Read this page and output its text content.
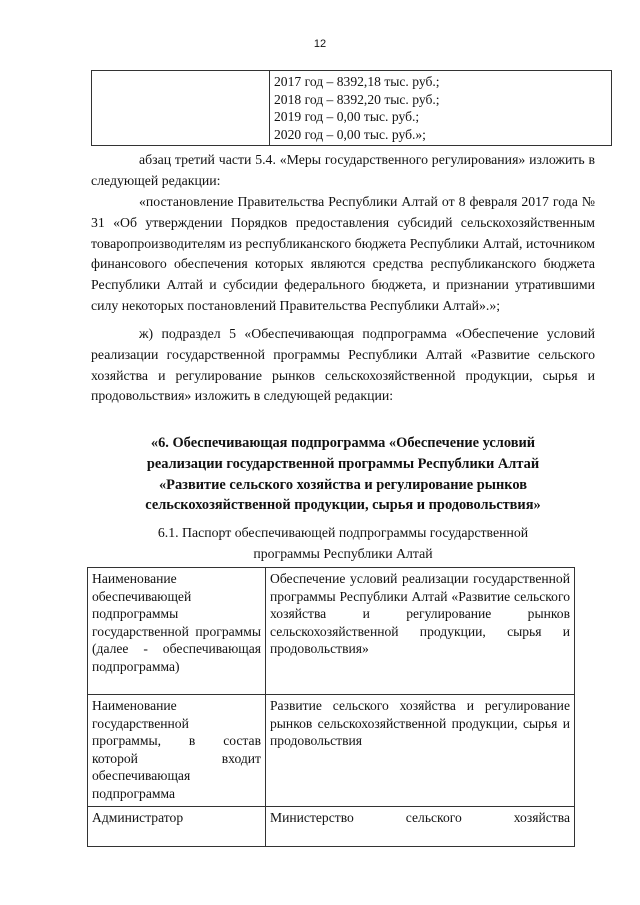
12

2017 год – 8392,18 тыс. руб.;
2018 год – 8392,20 тыс. руб.;
2019 год – 0,00 тыс. руб.;
2020 год – 0,00 тыс. руб.»;
абзац третий части 5.4. «Меры государственного регулирования» изложить в следующей редакции:
«постановление Правительства Республики Алтай от 8 февраля 2017 года № 31 «Об утверждении Порядков предоставления субсидий сельскохозяйственным товаропроизводителям из республиканского бюджета Республики Алтай, источником финансового обеспечения которых являются средства республиканского бюджета Республики Алтай и субсидии федерального бюджета, и признании утратившими силу некоторых постановлений Правительства Республики Алтай».»;
ж) подраздел 5 «Обеспечивающая подпрограмма «Обеспечение условий реализации государственной программы Республики Алтай «Развитие сельского хозяйства и регулирование рынков сельскохозяйственной продукции, сырья и продовольствия» изложить в следующей редакции:
«6. Обеспечивающая подпрограмма «Обеспечение условий
реализации государственной программы Республики Алтай
«Развитие сельского хозяйства и регулирование рынков
сельскохозяйственной продукции, сырья и продовольствия»
6.1. Паспорт обеспечивающей подпрограммы государственной
программы Республики Алтай
Наименование обеспечивающей подпрограммы государственной программы (далее - обеспечивающая подпрограмма)	Обеспечение условий реализации государственной программы Республики Алтай «Развитие сельского хозяйства и регулирование рынков сельскохозяйственной продукции, сырья и продовольствия»
Наименование государственной программы, в состав которой входит обеспечивающая подпрограмма	Развитие сельского хозяйства и регулирование рынков сельскохозяйственной продукции, сырья и продовольствия
Администратор	Министерство сельского хозяйства
